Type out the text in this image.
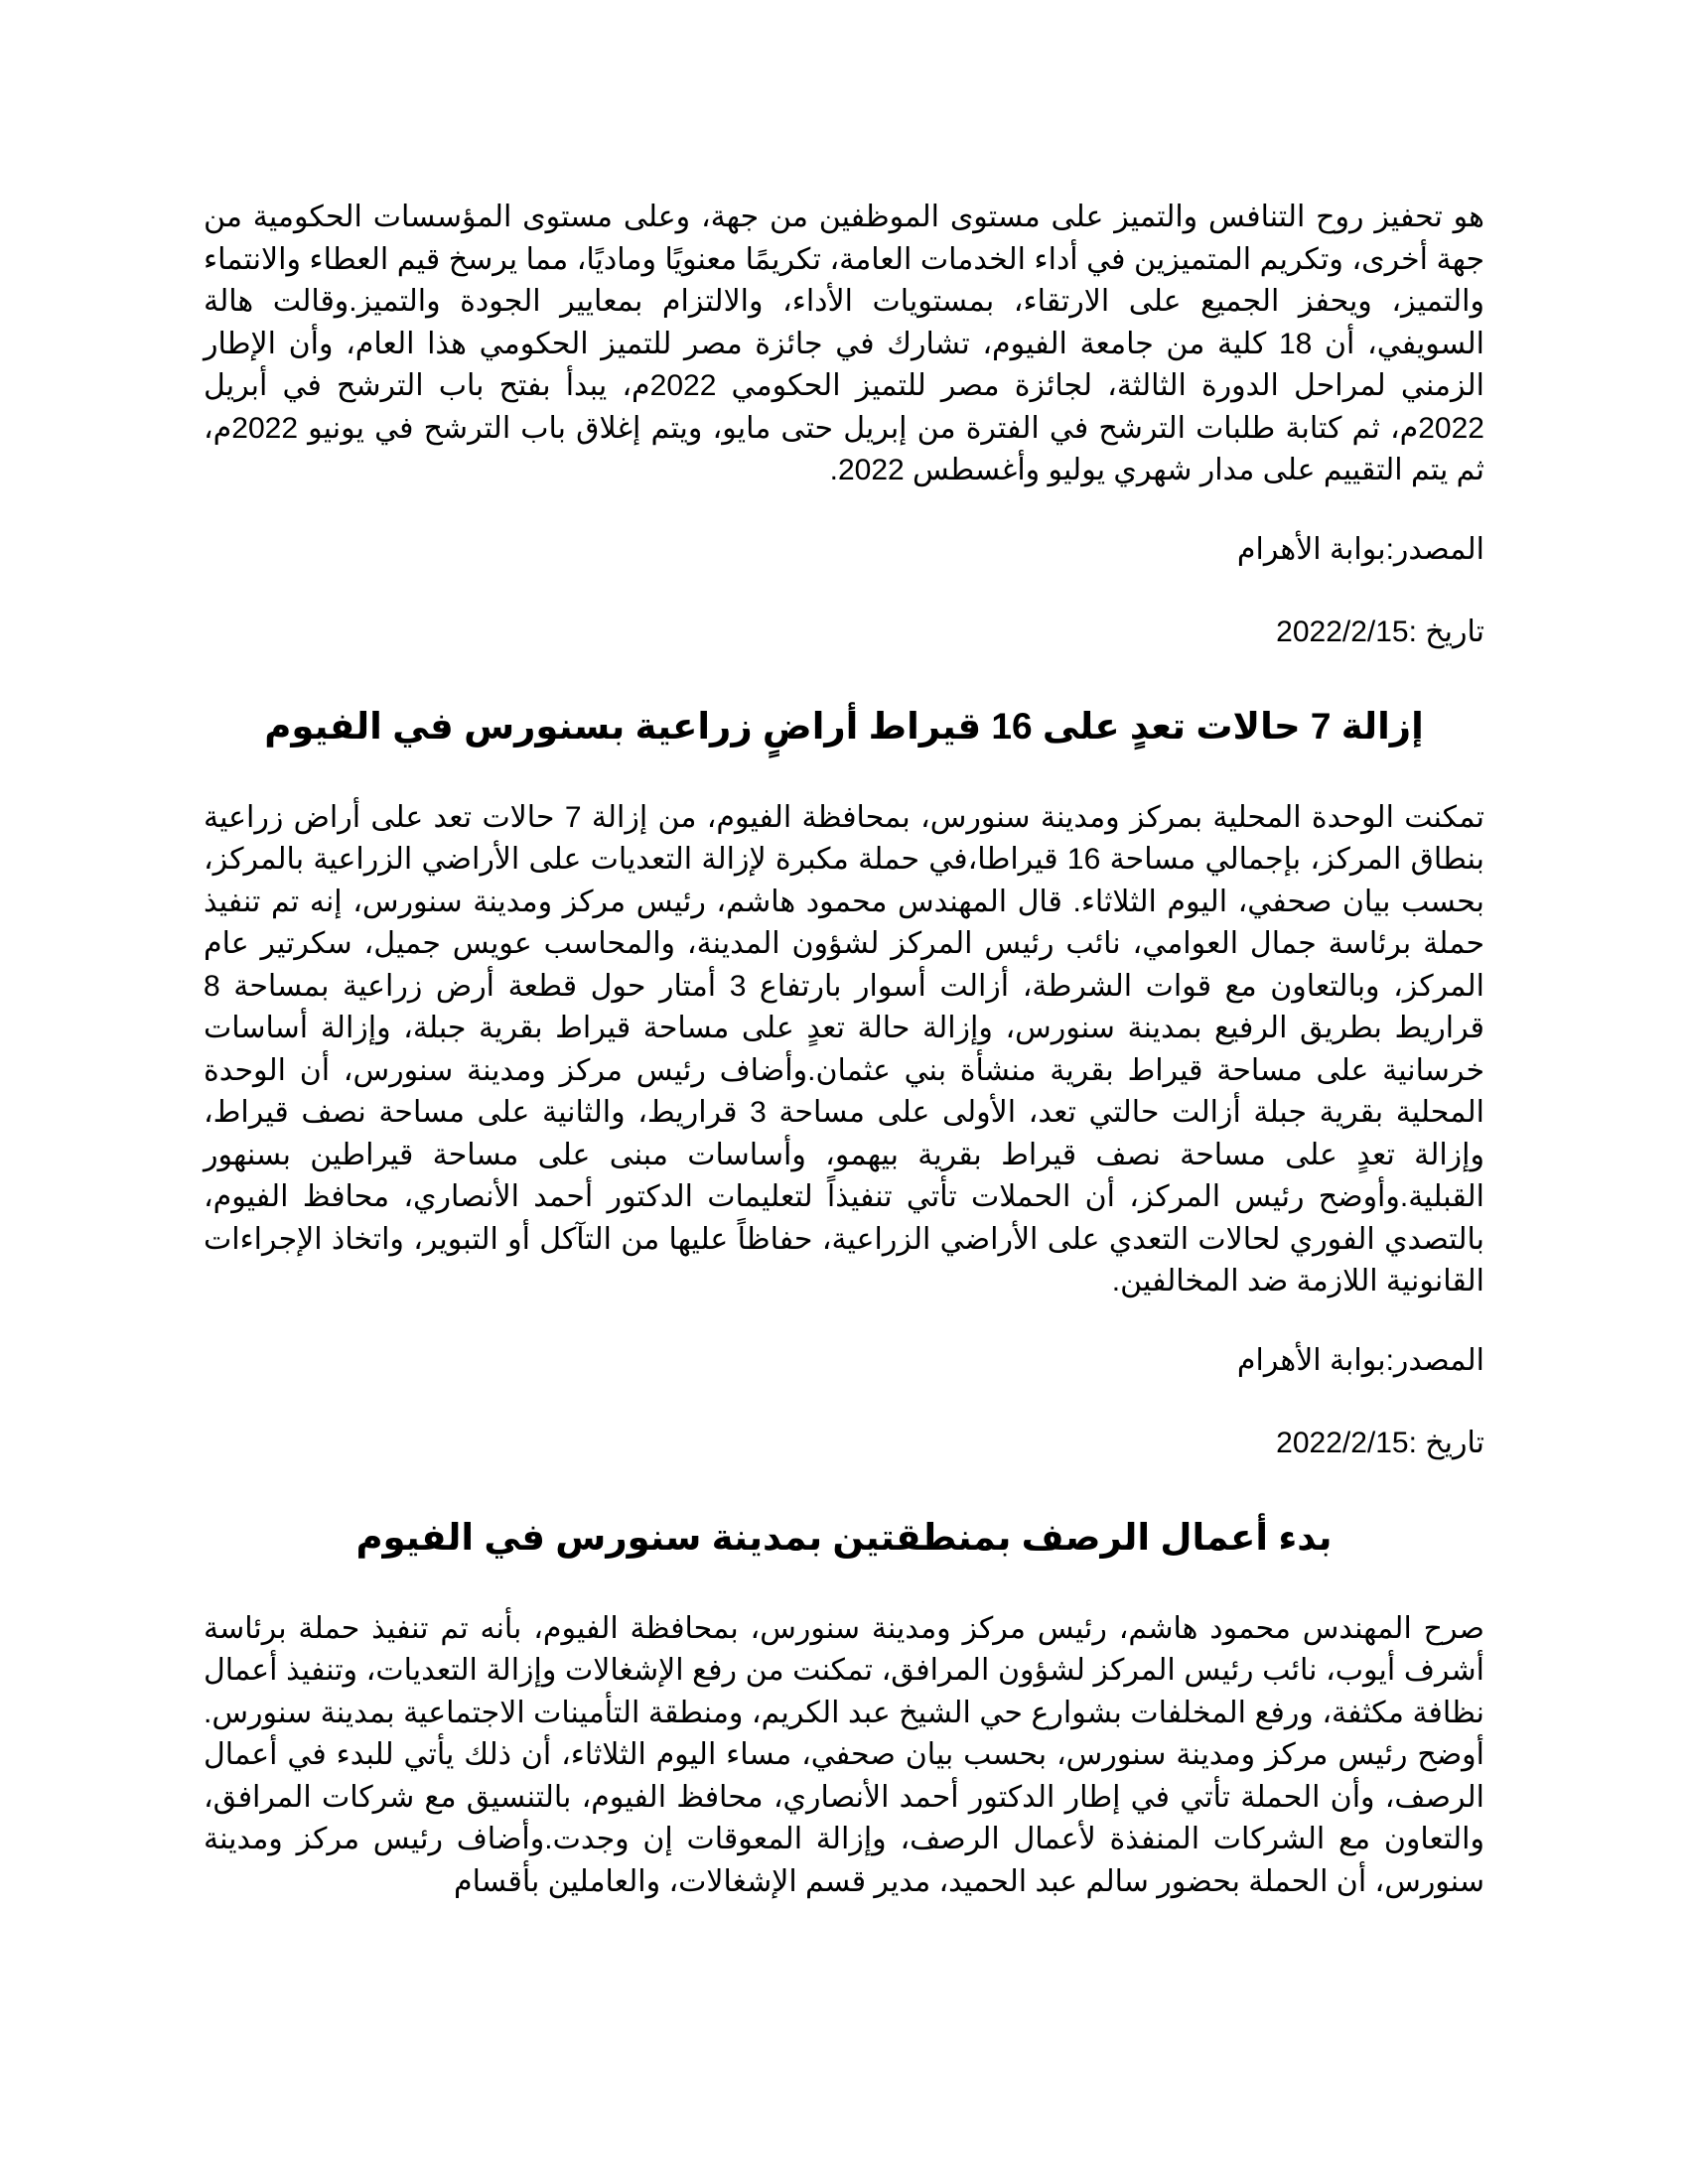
هو تحفيز روح التنافس والتميز على مستوى الموظفين من جهة، وعلى مستوى المؤسسات الحكومية من جهة أخرى، وتكريم المتميزين في أداء الخدمات العامة، تكريمًا معنويًا وماديًا، مما يرسخ قيم العطاء والانتماء والتميز، ويحفز الجميع على الارتقاء، بمستويات الأداء، والالتزام بمعايير الجودة والتميز.وقالت هالة السويفي، أن 18 كلية من جامعة الفيوم، تشارك في جائزة مصر للتميز الحكومي هذا العام، وأن الإطار الزمني لمراحل الدورة الثالثة، لجائزة مصر للتميز الحكومي 2022م، يبدأ بفتح باب الترشح في أبريل 2022م، ثم كتابة طلبات الترشح في الفترة من إبريل حتى مايو، ويتم إغلاق باب الترشح في يونيو 2022م، ثم يتم التقييم على مدار شهري يوليو وأغسطس 2022.

المصدر:بوابة الأهرام

تاريخ :2022/2/15

إزالة 7 حالات تعدٍ على 16 قيراط أراضٍ زراعية بسنورس في الفيوم

تمكنت الوحدة المحلية بمركز ومدينة سنورس، بمحافظة الفيوم، من إزالة 7 حالات تعد على أراض زراعية بنطاق المركز، بإجمالي مساحة 16 قيراطا،في حملة مكبرة لإزالة التعديات على الأراضي الزراعية بالمركز، بحسب بيان صحفي، اليوم الثلاثاء. قال المهندس محمود هاشم، رئيس مركز ومدينة سنورس، إنه تم تنفيذ حملة برئاسة جمال العوامي، نائب رئيس المركز لشؤون المدينة، والمحاسب عويس جميل، سكرتير عام المركز، وبالتعاون مع قوات الشرطة، أزالت أسوار بارتفاع 3 أمتار حول قطعة أرض زراعية بمساحة 8 قراريط بطريق الرفيع بمدينة سنورس، وإزالة حالة تعدٍ على مساحة قيراط بقرية جبلة، وإزالة أساسات خرسانية على مساحة قيراط بقرية منشأة بني عثمان.وأضاف رئيس مركز ومدينة سنورس، أن الوحدة المحلية بقرية جبلة أزالت حالتي تعد، الأولى على مساحة 3 قراريط، والثانية على مساحة نصف قيراط، وإزالة تعدٍ على مساحة نصف قيراط بقرية بيهمو، وأساسات مبنى على مساحة قيراطين بسنهور القبلية.وأوضح رئيس المركز، أن الحملات تأتي تنفيذاً لتعليمات الدكتور أحمد الأنصاري، محافظ الفيوم، بالتصدي الفوري لحالات التعدي على الأراضي الزراعية، حفاظاً عليها من التآكل أو التبوير، واتخاذ الإجراءات القانونية اللازمة ضد المخالفين.

المصدر:بوابة الأهرام

تاريخ :2022/2/15

بدء أعمال الرصف بمنطقتين بمدينة سنورس في الفيوم

صرح المهندس محمود هاشم، رئيس مركز ومدينة سنورس، بمحافظة الفيوم، بأنه تم تنفيذ حملة برئاسة أشرف أيوب، نائب رئيس المركز لشؤون المرافق، تمكنت من رفع الإشغالات وإزالة التعديات، وتنفيذ أعمال نظافة مكثفة، ورفع المخلفات بشوارع حي الشيخ عبد الكريم، ومنطقة التأمينات الاجتماعية بمدينة سنورس. أوضح رئيس مركز ومدينة سنورس، بحسب بيان صحفي، مساء اليوم الثلاثاء، أن ذلك يأتي للبدء في أعمال الرصف، وأن الحملة تأتي في إطار الدكتور أحمد الأنصاري، محافظ الفيوم، بالتنسيق مع شركات المرافق، والتعاون مع الشركات المنفذة لأعمال الرصف، وإزالة المعوقات إن وجدت.وأضاف رئيس مركز ومدينة سنورس، أن الحملة بحضور سالم عبد الحميد، مدير قسم الإشغالات، والعاملين بأقسام
